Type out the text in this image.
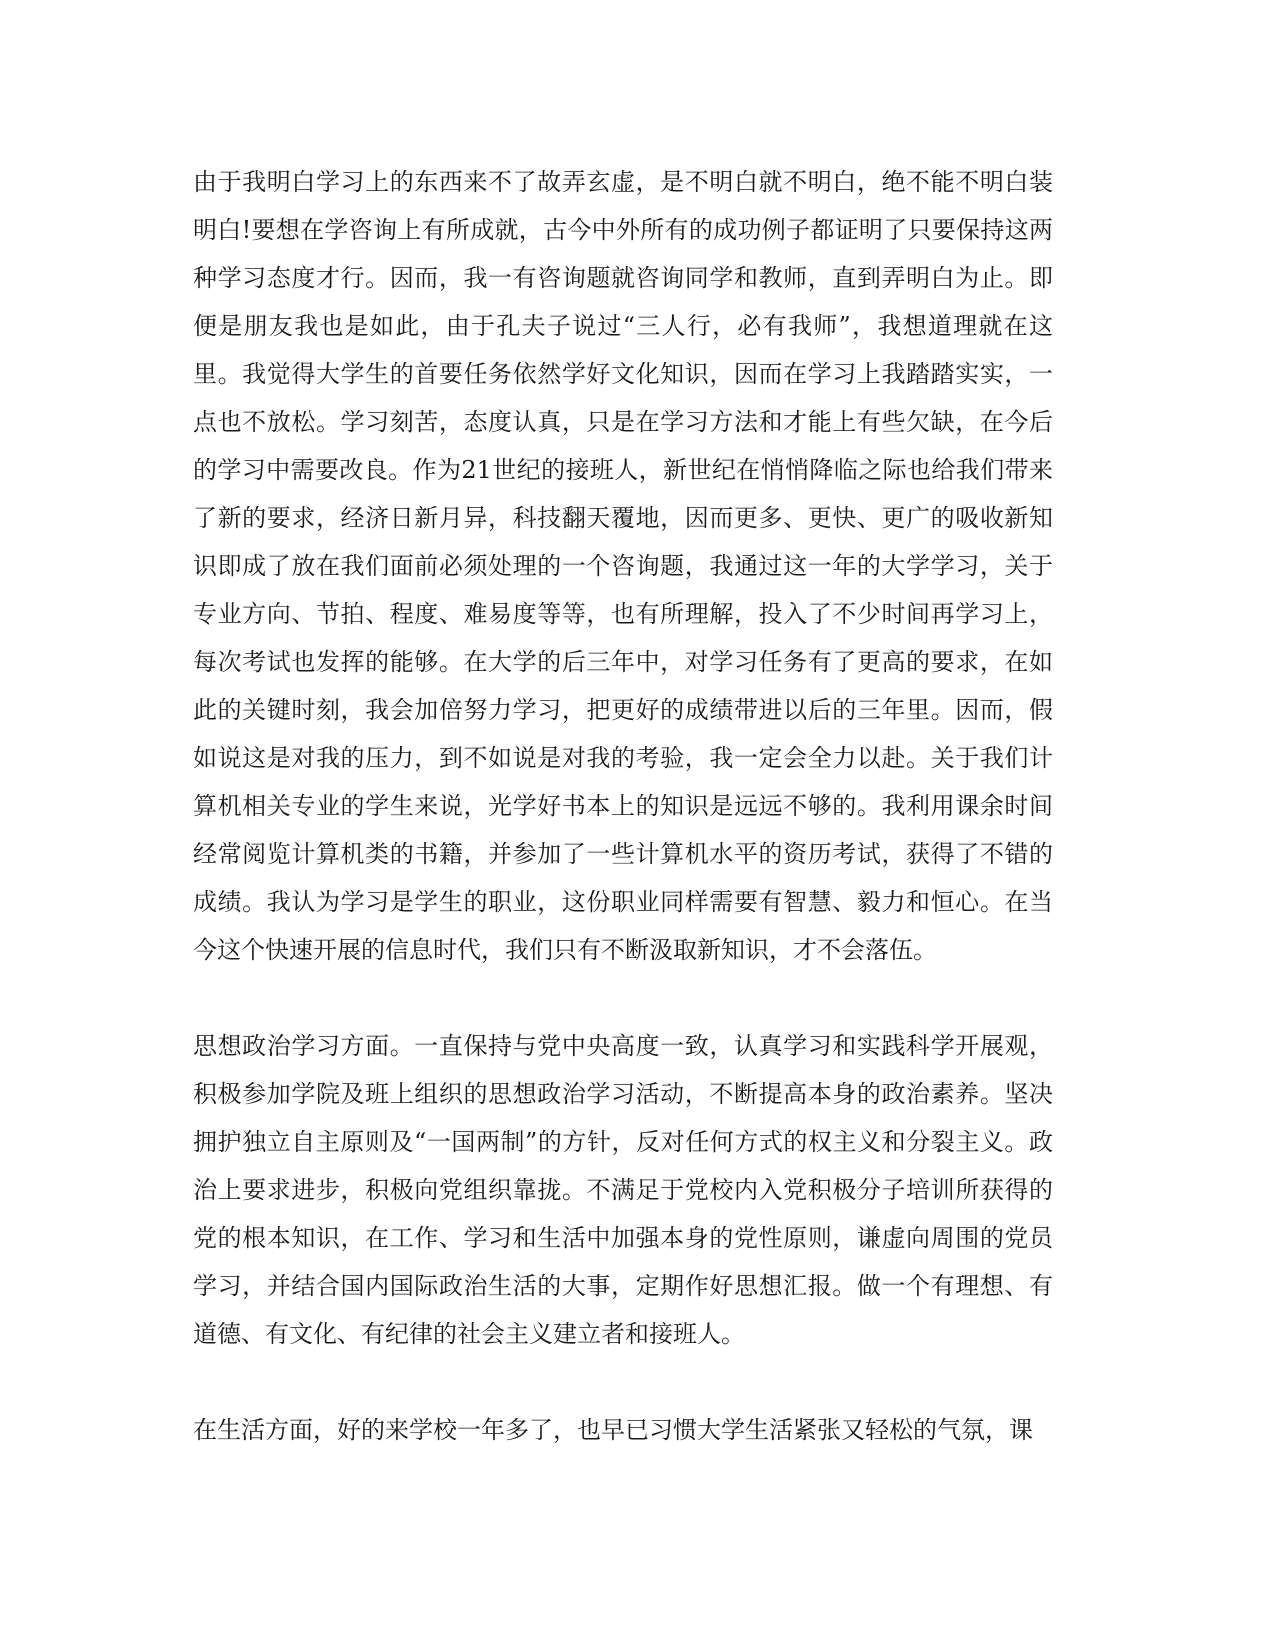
由于我明白学习上的东西来不了故弄玄虚，是不明白就不明白，绝不能不明白装明白!要想在学咨询上有所成就，古今中外所有的成功例子都证明了只要保持这两种学习态度才行。因而，我一有咨询题就咨询同学和教师，直到弄明白为止。即便是朋友我也是如此，由于孔夫子说过“三人行，必有我师”，我想道理就在这里。我觉得大学生的首要任务依然学好文化知识，因而在学习上我踏踏实实，一点也不放松。学习刻苦，态度认真，只是在学习方法和才能上有些欠缺，在今后的学习中需要改良。作为21世纪的接班人，新世纪在悄悄降临之际也给我们带来了新的要求，经济日新月异，科技翻天覆地，因而更多、更快、更广的吸收新知识即成了放在我们面前必须处理的一个咨询题，我通过这一年的大学学习，关于专业方向、节拍、程度、难易度等等，也有所理解，投入了不少时间再学习上，每次考试也发挥的能够。在大学的后三年中，对学习任务有了更高的要求，在如此的关键时刻，我会加倍努力学习，把更好的成绩带进以后的三年里。因而，假如说这是对我的压力，到不如说是对我的考验，我一定会全力以赴。关于我们计算机相关专业的学生来说，光学好书本上的知识是远远不够的。我利用课余时间经常阅览计算机类的书籍，并参加了一些计算机水平的资历考试，获得了不错的成绩。我认为学习是学生的职业，这份职业同样需要有智慧、毅力和恒心。在当今这个快速开展的信息时代，我们只有不断汲取新知识，才不会落伍。

思想政治学习方面。一直保持与党中央高度一致，认真学习和实践科学开展观，积极参加学院及班上组织的思想政治学习活动，不断提高本身的政治素养。坚决拥护独立自主原则及“一国两制”的方针，反对任何方式的权主义和分裂主义。政治上要求进步，积极向党组织靠拢。不满足于党校内入党积极分子培训所获得的党的根本知识，在工作、学习和生活中加强本身的党性原则，谦虚向周围的党员学习，并结合国内国际政治生活的大事，定期作好思想汇报。做一个有理想、有道德、有文化、有纪律的社会主义建立者和接班人。

在生活方面，好的来学校一年多了，也早已习惯大学生活紧张又轻松的气氛，课
